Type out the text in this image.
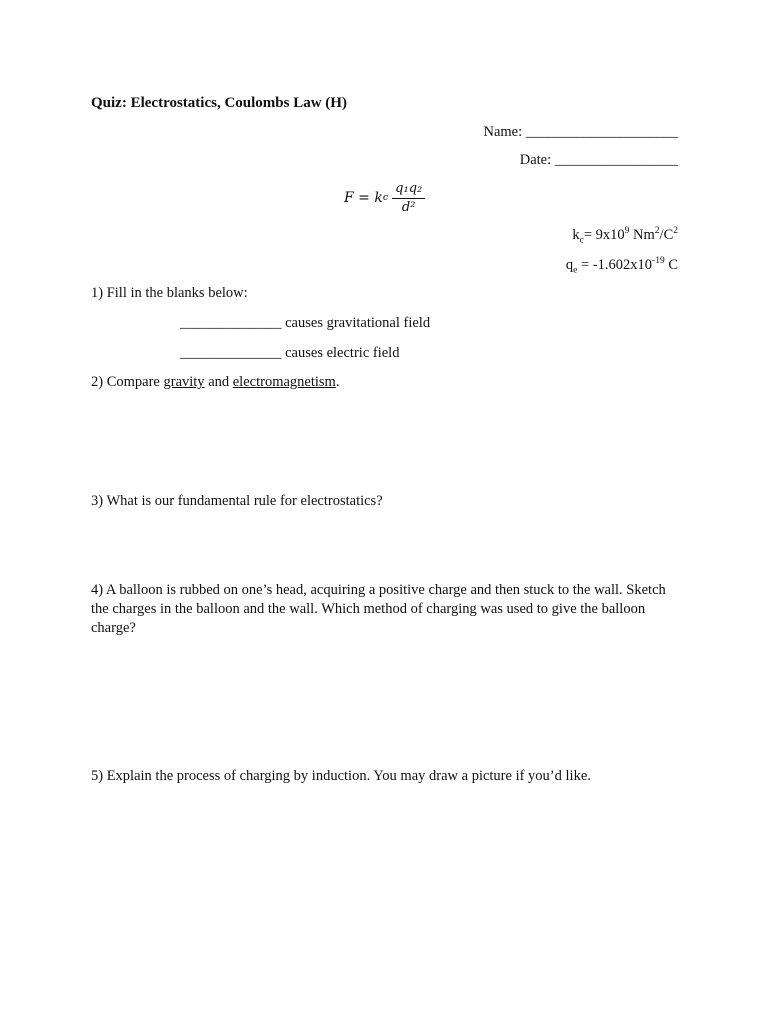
Quiz: Electrostatics, Coulombs Law (H)
Name: _____________________
Date: _________________
F = k c $\frac{\text{q₁q₂}}{\text{d²}}$
$k_c= 9x10^9$ $Nm^2/C^2$
$q_e = -1.602x10^{-19}$ C
1) Fill in the blanks below:
______________ causes gravitational field
______________ causes electric field
2) Compare gravity and electromagnetism.
3) What is our fundamental rule for electrostatics?
4) A balloon is rubbed on one’s head, acquiring a positive charge and then stuck to the wall. Sketch the charges in the balloon and the wall. Which method of charging was used to give the balloon charge?
5) Explain the process of charging by induction. You may draw a picture if you’d like.
